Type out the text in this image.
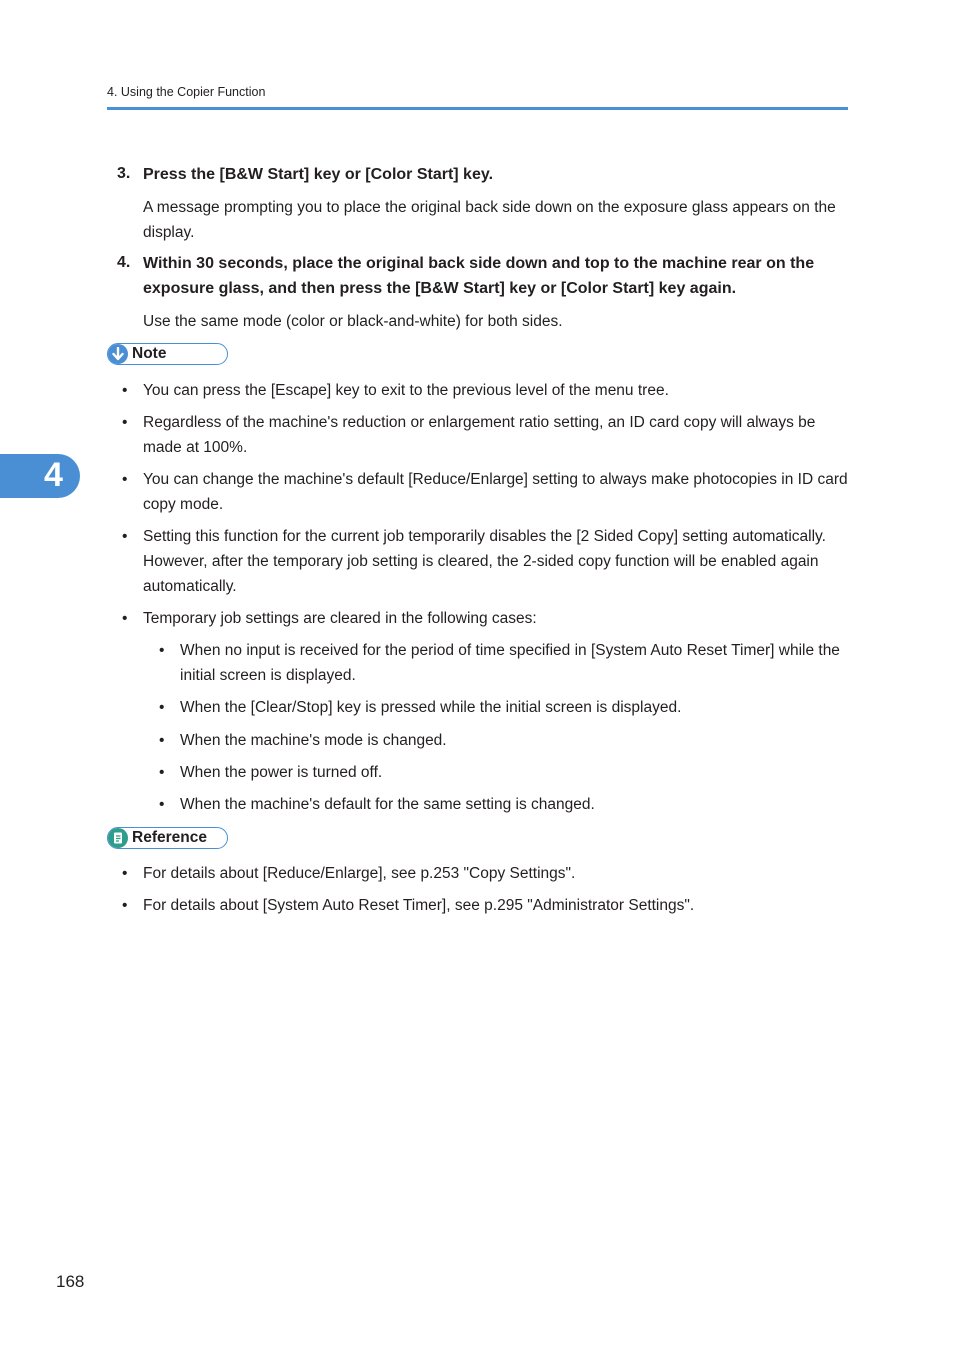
4. Using the Copier Function
4
3. Press the [B&W Start] key or [Color Start] key.
A message prompting you to place the original back side down on the exposure glass appears on the display.
4. Within 30 seconds, place the original back side down and top to the machine rear on the exposure glass, and then press the [B&W Start] key or [Color Start] key again.
Use the same mode (color or black-and-white) for both sides.
Note
• You can press the [Escape] key to exit to the previous level of the menu tree.
• Regardless of the machine's reduction or enlargement ratio setting, an ID card copy will always be made at 100%.
• You can change the machine's default [Reduce/Enlarge] setting to always make photocopies in ID card copy mode.
• Setting this function for the current job temporarily disables the [2 Sided Copy] setting automatically. However, after the temporary job setting is cleared, the 2-sided copy function will be enabled again automatically.
• Temporary job settings are cleared in the following cases:
• When no input is received for the period of time specified in [System Auto Reset Timer] while the initial screen is displayed.
• When the [Clear/Stop] key is pressed while the initial screen is displayed.
• When the machine's mode is changed.
• When the power is turned off.
• When the machine's default for the same setting is changed.
Reference
• For details about [Reduce/Enlarge], see p.253 "Copy Settings".
• For details about [System Auto Reset Timer], see p.295 "Administrator Settings".
168
